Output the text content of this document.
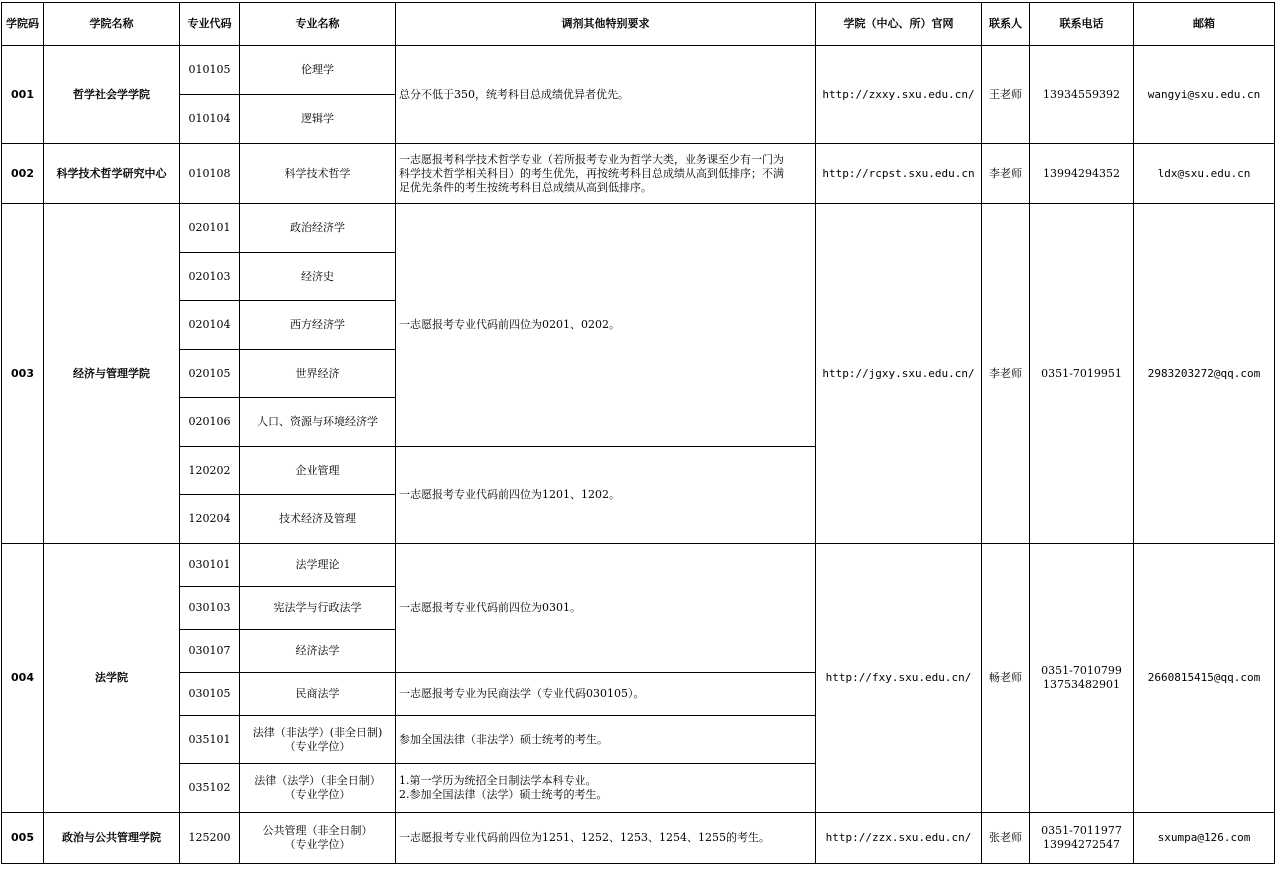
学院码	学院名称	专业代码	专业名称	调剂其他特别要求	学院（中心、所）官网	联系人	联系电话	邮箱
001	哲学社会学学院	010105	伦理学	总分不低于350，统考科目总成绩优异者优先。	http://zxxy.sxu.edu.cn/	王老师	13934559392	wangyi@sxu.edu.cn
		010104	逻辑学					
002	科学技术哲学研究中心	010108	科学技术哲学	一志愿报考科学技术哲学专业（若所报考专业为哲学大类，业务课至少有一门为
科学技术哲学相关科目）的考生优先，再按统考科目总成绩从高到低排序；不满
足优先条件的考生按统考科目总成绩从高到低排序。	http://rcpst.sxu.edu.cn	李老师	13994294352	ldx@sxu.edu.cn
003	经济与管理学院	020101	政治经济学	一志愿报考专业代码前四位为0201、0202。	http://jgxy.sxu.edu.cn/	李老师	0351-7019951	2983203272@qq.com
		020103	经济史					
		020104	西方经济学					
		020105	世界经济					
		020106	人口、资源与环境经济学					
		120202	企业管理	一志愿报考专业代码前四位为1201、1202。				
		120204	技术经济及管理					
004	法学院	030101	法学理论	一志愿报考专业代码前四位为0301。	http://fxy.sxu.edu.cn/	畅老师	0351-7010799
13753482901	2660815415@qq.com
		030103	宪法学与行政法学					
		030107	经济法学					
		030105	民商法学	一志愿报考专业为民商法学（专业代码030105）。				
		035101	法律（非法学）(非全日制)
（专业学位）	参加全国法律（非法学）硕士统考的考生。				
		035102	法律（法学）（非全日制）
（专业学位）	1.第一学历为统招全日制法学本科专业。
2.参加全国法律（法学）硕士统考的考生。				
005	政治与公共管理学院	125200	公共管理（非全日制）
（专业学位）	一志愿报考专业代码前四位为1251、1252、1253、1254、1255的考生。	http://zzx.sxu.edu.cn/	张老师	0351-7011977
13994272547	sxumpa@126.com
